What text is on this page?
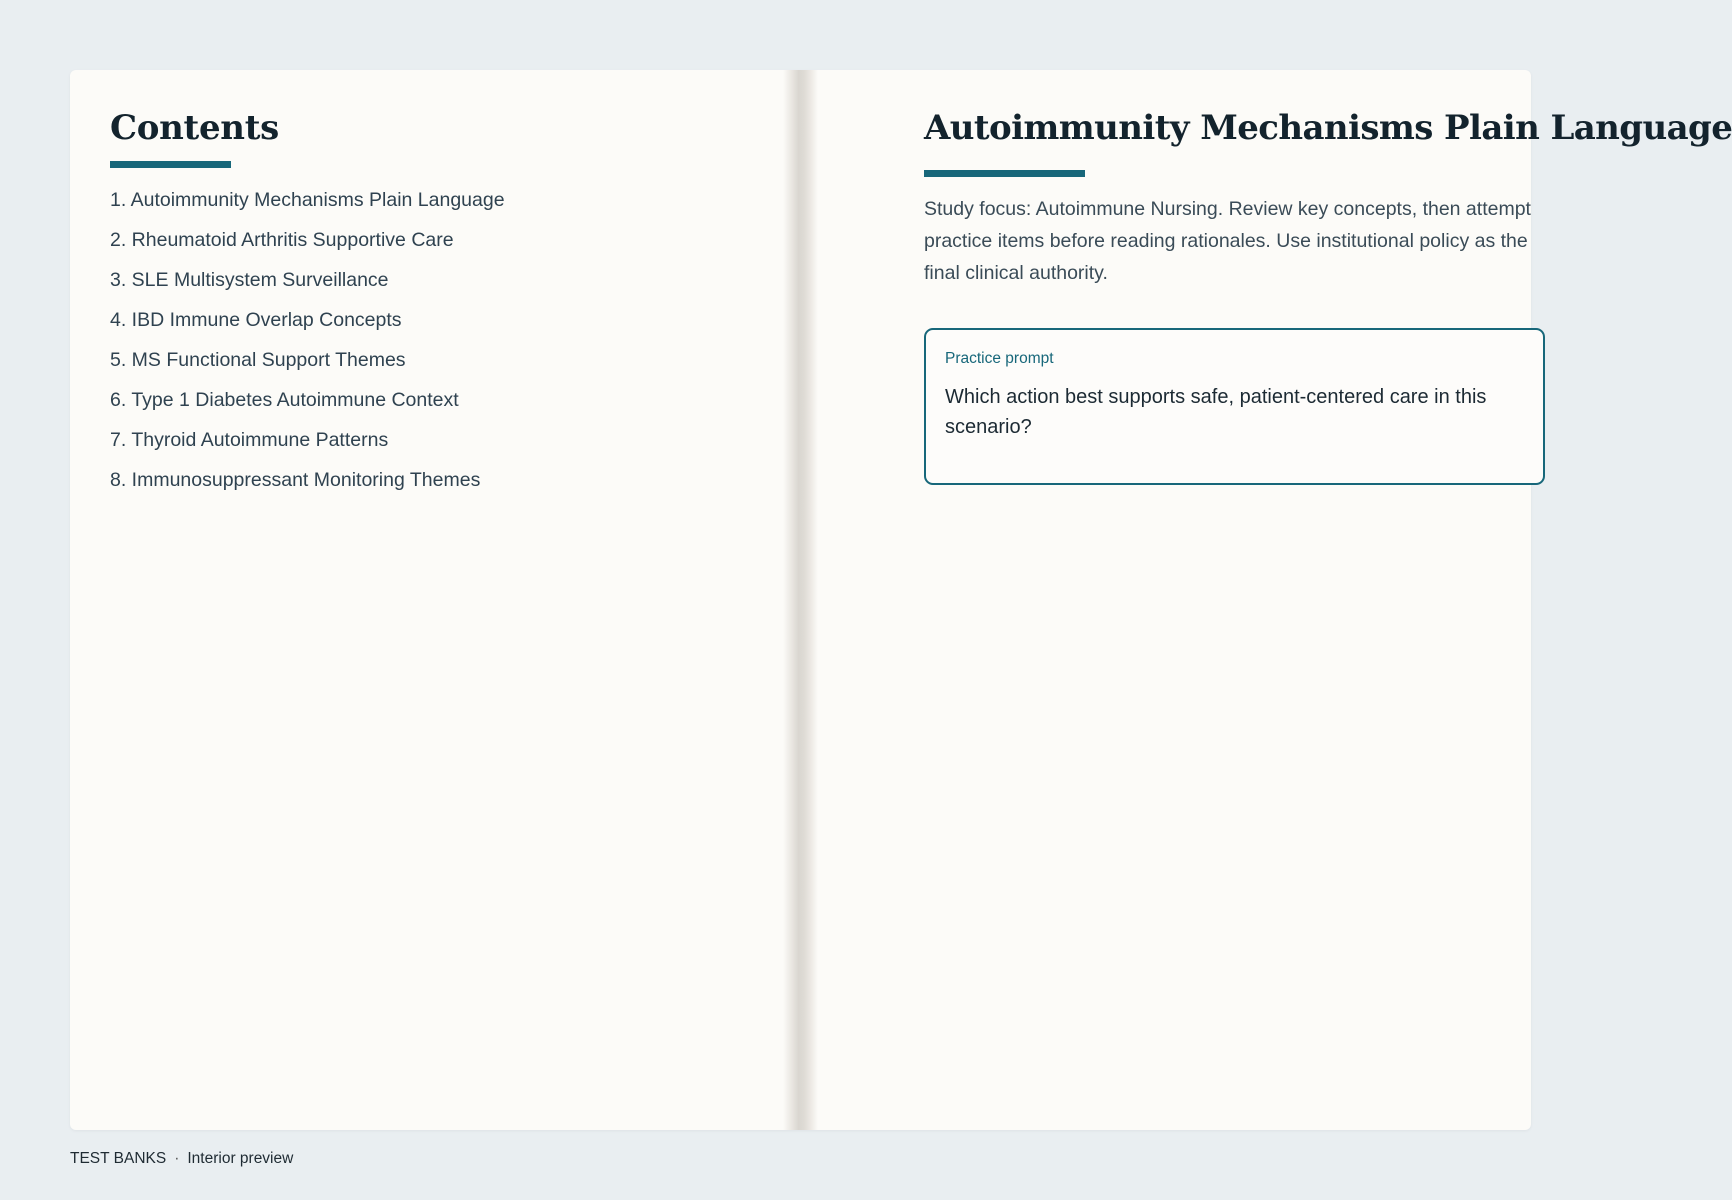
Contents
1. Autoimmunity Mechanisms Plain Language
2. Rheumatoid Arthritis Supportive Care
3. SLE Multisystem Surveillance
4. IBD Immune Overlap Concepts
5. MS Functional Support Themes
6. Type 1 Diabetes Autoimmune Context
7. Thyroid Autoimmune Patterns
8. Immunosuppressant Monitoring Themes
Autoimmunity Mechanisms Plain Language

Study focus: Autoimmune Nursing. Review key concepts, then attempt practice items before reading rationales. Use institutional policy as the final clinical authority.

Practice prompt

Which action best supports safe, patient-centered care in this scenario?

TEST BANKS · Interior preview
